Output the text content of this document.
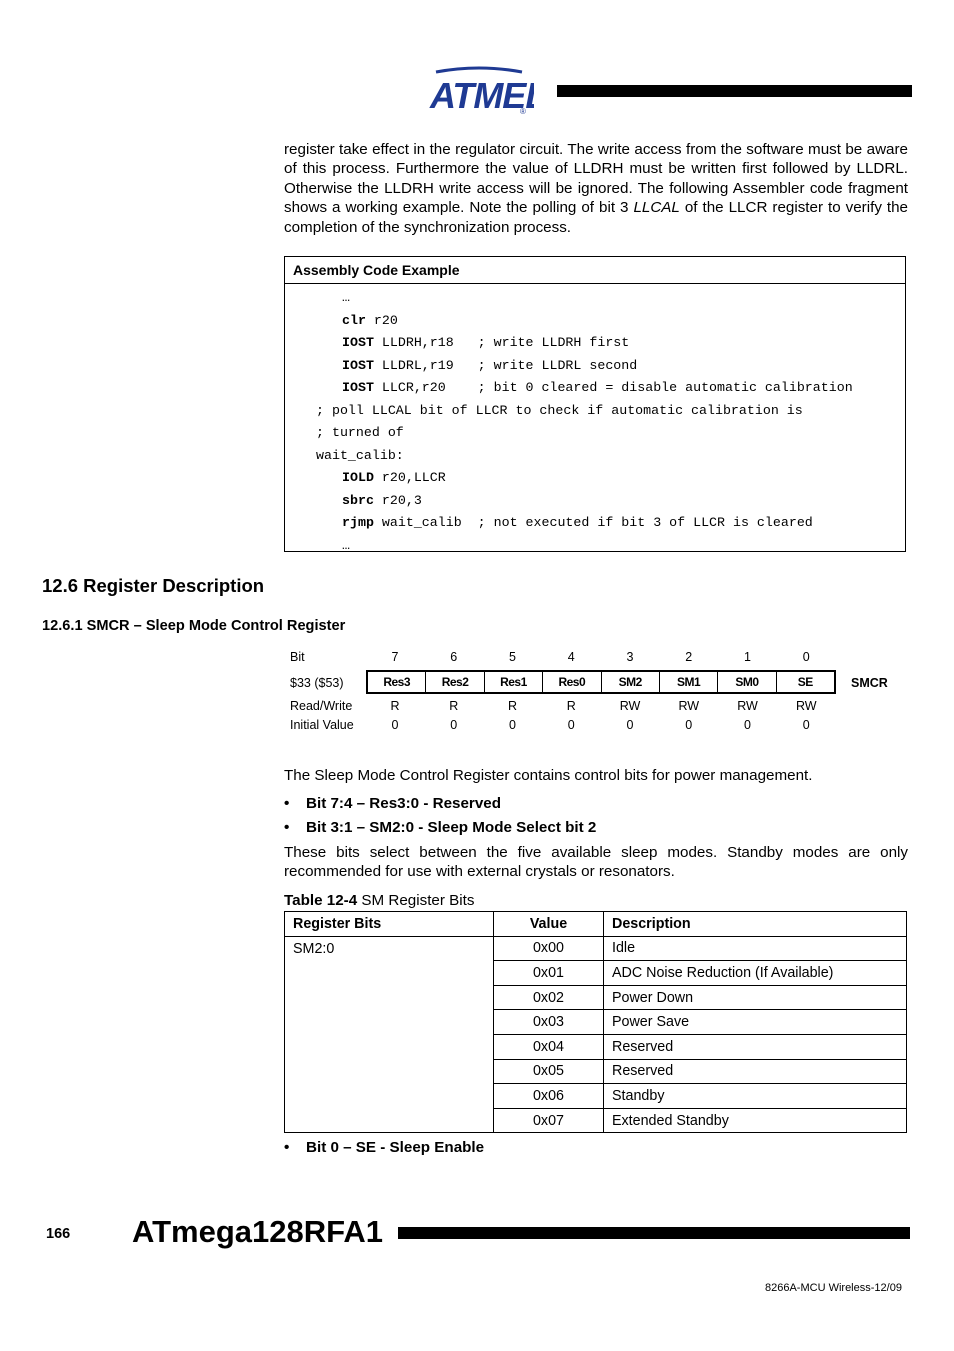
ATME
®
register take effect in the regulator circuit. The write access from the software must be aware of this process. Furthermore the value of LLDRH must be written first followed by LLDRL. Otherwise the LLDRH write access will be ignored. The following Assembler code fragment shows a working example. Note the polling of bit 3 LLCAL of the LLCR register to verify the completion of the synchronization process.
Assembly Code Example
…
clr r20
IOST LLDRH,r18   ; write LLDRH first
IOST LLDRL,r19   ; write LLDRL second
IOST LLCR,r20    ; bit 0 cleared = disable automatic calibration
; poll LLCAL bit of LLCR to check if automatic calibration is
; turned of
wait_calib:
IOLD r20,LLCR
sbrc r20,3
rjmp wait_calib  ; not executed if bit 3 of LLCR is cleared
…
12.6 Register Description
12.6.1 SMCR – Sleep Mode Control Register
Bit	7	6	5	4	3	2	1	0
$33 ($53)	Res3	Res2	Res1	Res0	SM2	SM1	SM0	SE	SMCR
Read/Write	R	R	R	R	RW	RW	RW	RW
Initial Value	0	0	0	0	0	0	0	0
The Sleep Mode Control Register contains control bits for power management.
• Bit 7:4 – Res3:0 - Reserved
• Bit 3:1 – SM2:0 - Sleep Mode Select bit 2
These bits select between the five available sleep modes. Standby modes are only recommended for use with external crystals or resonators.
Table 12-4 SM Register Bits
Register Bits	Value	Description
SM2:0	0x00	Idle
	0x01	ADC Noise Reduction (If Available)
	0x02	Power Down
	0x03	Power Save
	0x04	Reserved
	0x05	Reserved
	0x06	Standby
	0x07	Extended Standby
• Bit 0 – SE - Sleep Enable
166 ATmega128RFA1
8266A-MCU Wireless-12/09
